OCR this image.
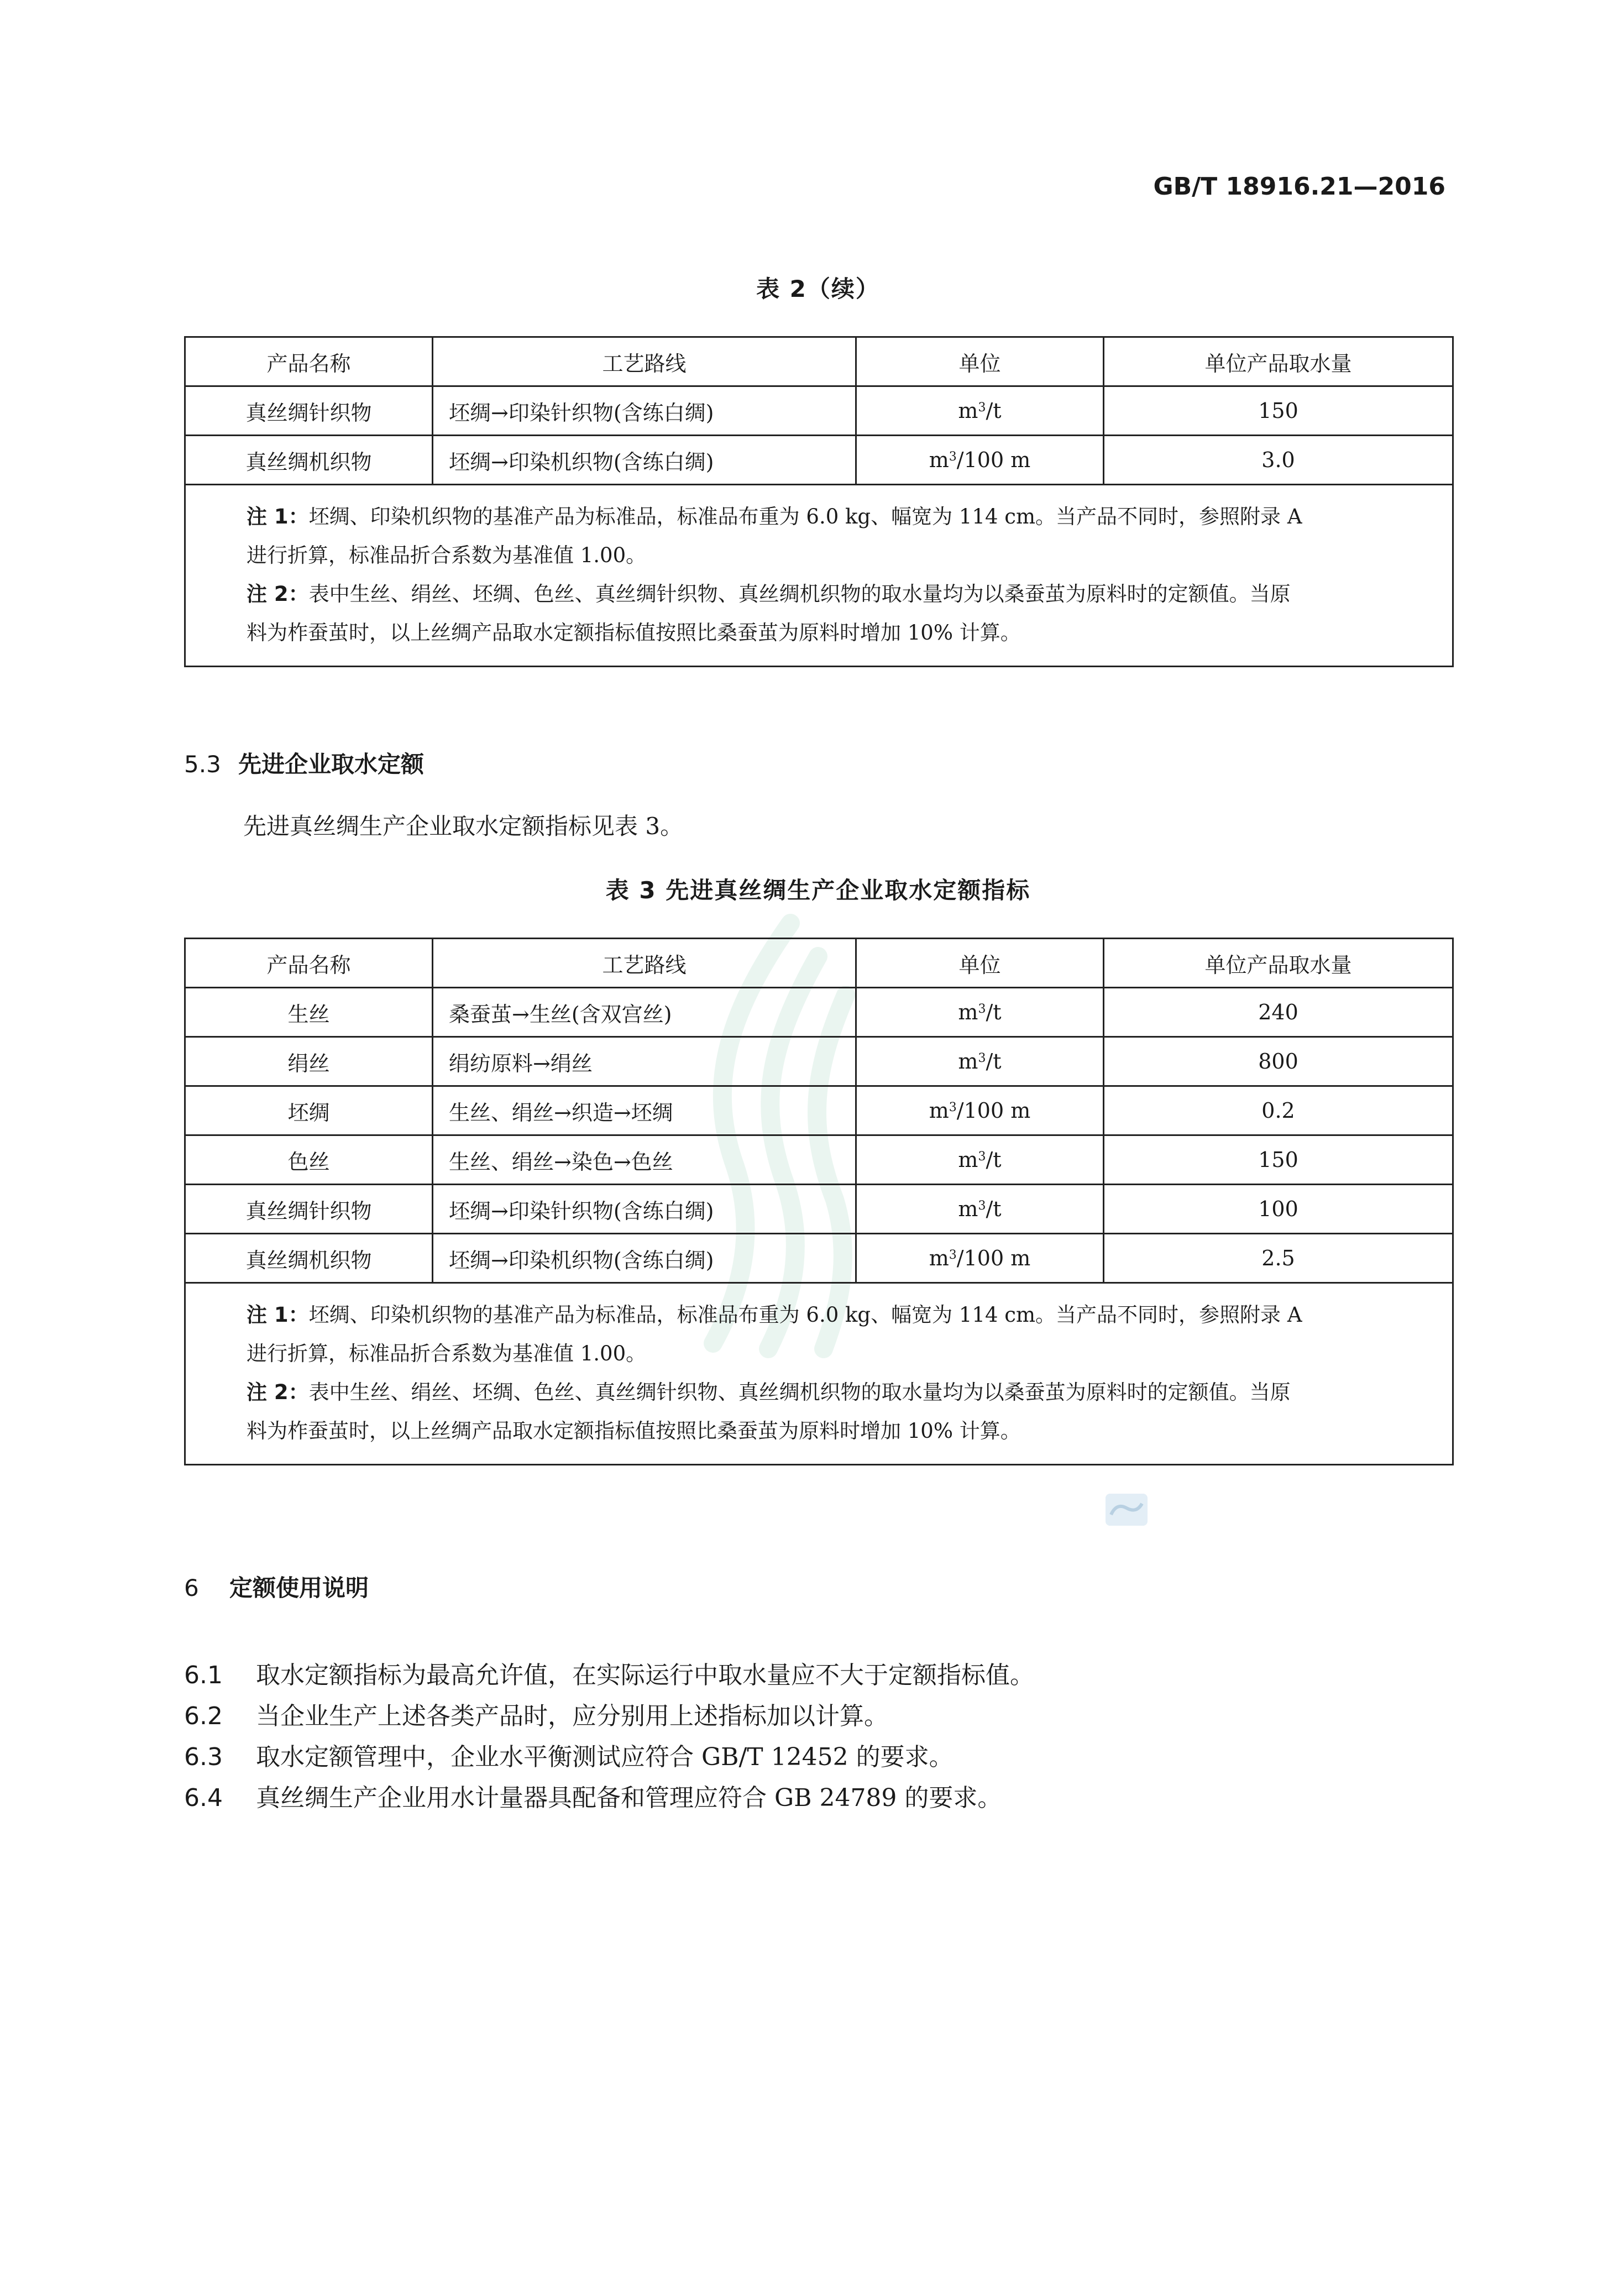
GB/T 18916.21—2016
表 2（续）
产品名称	工艺路线	单位	单位产品取水量
真丝绸针织物	坯绸→印染针织物(含练白绸)	$m^3/t$	150
真丝绸机织物	坯绸→印染机织物(含练白绸)	$m^3/100$ m	3.0

注 1：坯绸、印染机织物的基准产品为标准品，标准品布重为 6.0 kg、幅宽为 114 cm。当产品不同时，参照附录 A
进行折算，标准品折合系数为基准值 1.00。
注 2：表中生丝、绢丝、坯绸、色丝、真丝绸针织物、真丝绸机织物的取水量均为以桑蚕茧为原料时的定额值。当原
料为柞蚕茧时，以上丝绸产品取水定额指标值按照比桑蚕茧为原料时增加 10% 计算。			
5.3 先进企业取水定额
先进真丝绸生产企业取水定额指标见表 3。
表 3 先进真丝绸生产企业取水定额指标
产品名称	工艺路线	单位	单位产品取水量
生丝	桑蚕茧→生丝(含双宫丝)	$m^3/t$	240
绢丝	绢纺原料→绢丝	$m^3/t$	800
坯绸	生丝、绢丝→织造→坯绸	$m^3/100$ m	0.2
色丝	生丝、绢丝→染色→色丝	$m^3/t$	150
真丝绸针织物	坯绸→印染针织物(含练白绸)	$m^3/t$	100
真丝绸机织物	坯绸→印染机织物(含练白绸)	$m^3/100$ m	2.5

注 1：坯绸、印染机织物的基准产品为标准品，标准品布重为 6.0 kg、幅宽为 114 cm。当产品不同时，参照附录 A
进行折算，标准品折合系数为基准值 1.00。
注 2：表中生丝、绢丝、坯绸、色丝、真丝绸针织物、真丝绸机织物的取水量均为以桑蚕茧为原料时的定额值。当原
料为柞蚕茧时，以上丝绸产品取水定额指标值按照比桑蚕茧为原料时增加 10% 计算。			
6 定额使用说明
6.1 取水定额指标为最高允许值，在实际运行中取水量应不大于定额指标值。
6.2 当企业生产上述各类产品时，应分别用上述指标加以计算。
6.3 取水定额管理中，企业水平衡测试应符合 GB/T 12452 的要求。
6.4 真丝绸生产企业用水计量器具配备和管理应符合 GB 24789 的要求。
